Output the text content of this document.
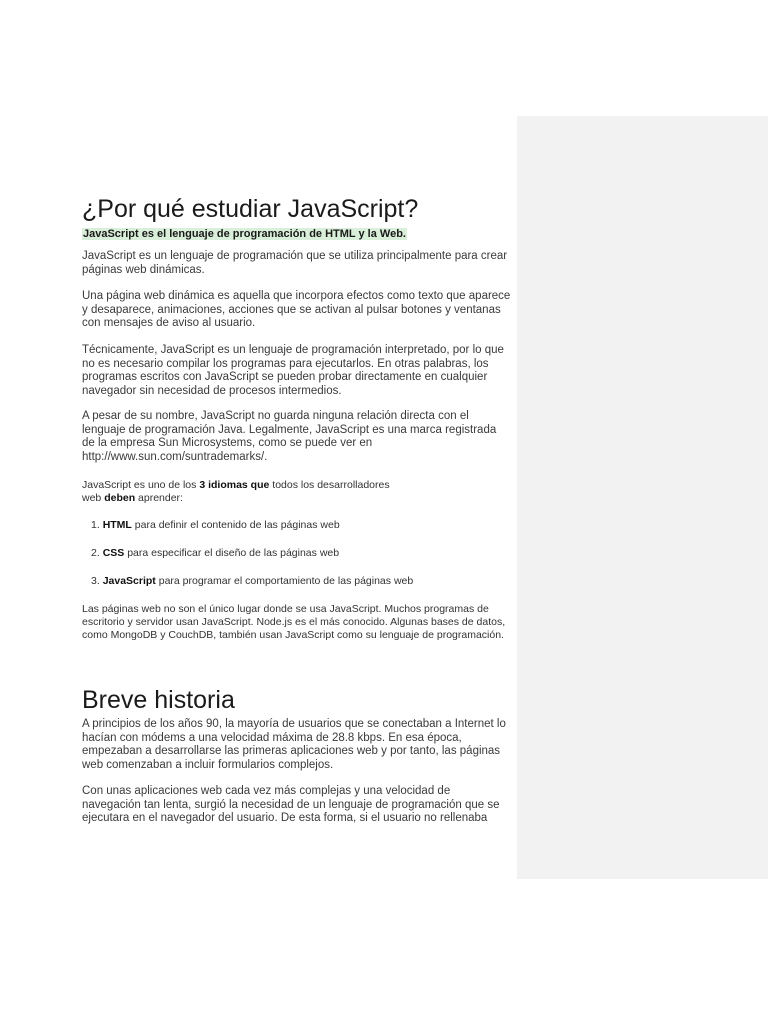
¿Por qué estudiar JavaScript?
JavaScript es el lenguaje de programación de HTML y la Web.

JavaScript es un lenguaje de programación que se utiliza principalmente para crear páginas web dinámicas.

Una página web dinámica es aquella que incorpora efectos como texto que aparece y desaparece, animaciones, acciones que se activan al pulsar botones y ventanas con mensajes de aviso al usuario.

Técnicamente, JavaScript es un lenguaje de programación interpretado, por lo que no es necesario compilar los programas para ejecutarlos. En otras palabras, los programas escritos con JavaScript se pueden probar directamente en cualquier navegador sin necesidad de procesos intermedios.

A pesar de su nombre, JavaScript no guarda ninguna relación directa con el lenguaje de programación Java. Legalmente, JavaScript es una marca registrada de la empresa Sun Microsystems, como se puede ver en http://www.sun.com/suntrademarks/.

JavaScript es uno de los 3 idiomas que todos los desarrolladores
web deben aprender:

1. HTML para definir el contenido de las páginas web
2. CSS para especificar el diseño de las páginas web
3. JavaScript para programar el comportamiento de las páginas web

Las páginas web no son el único lugar donde se usa JavaScript. Muchos programas de escritorio y servidor usan JavaScript. Node.js es el más conocido. Algunas bases de datos, como MongoDB y CouchDB, también usan JavaScript como su lenguaje de programación.

Breve historia

A principios de los años 90, la mayoría de usuarios que se conectaban a Internet lo hacían con módems a una velocidad máxima de 28.8 kbps. En esa época, empezaban a desarrollarse las primeras aplicaciones web y por tanto, las páginas web comenzaban a incluir formularios complejos.

Con unas aplicaciones web cada vez más complejas y una velocidad de navegación tan lenta, surgió la necesidad de un lenguaje de programación que se ejecutara en el navegador del usuario. De esta forma, si el usuario no rellenaba
